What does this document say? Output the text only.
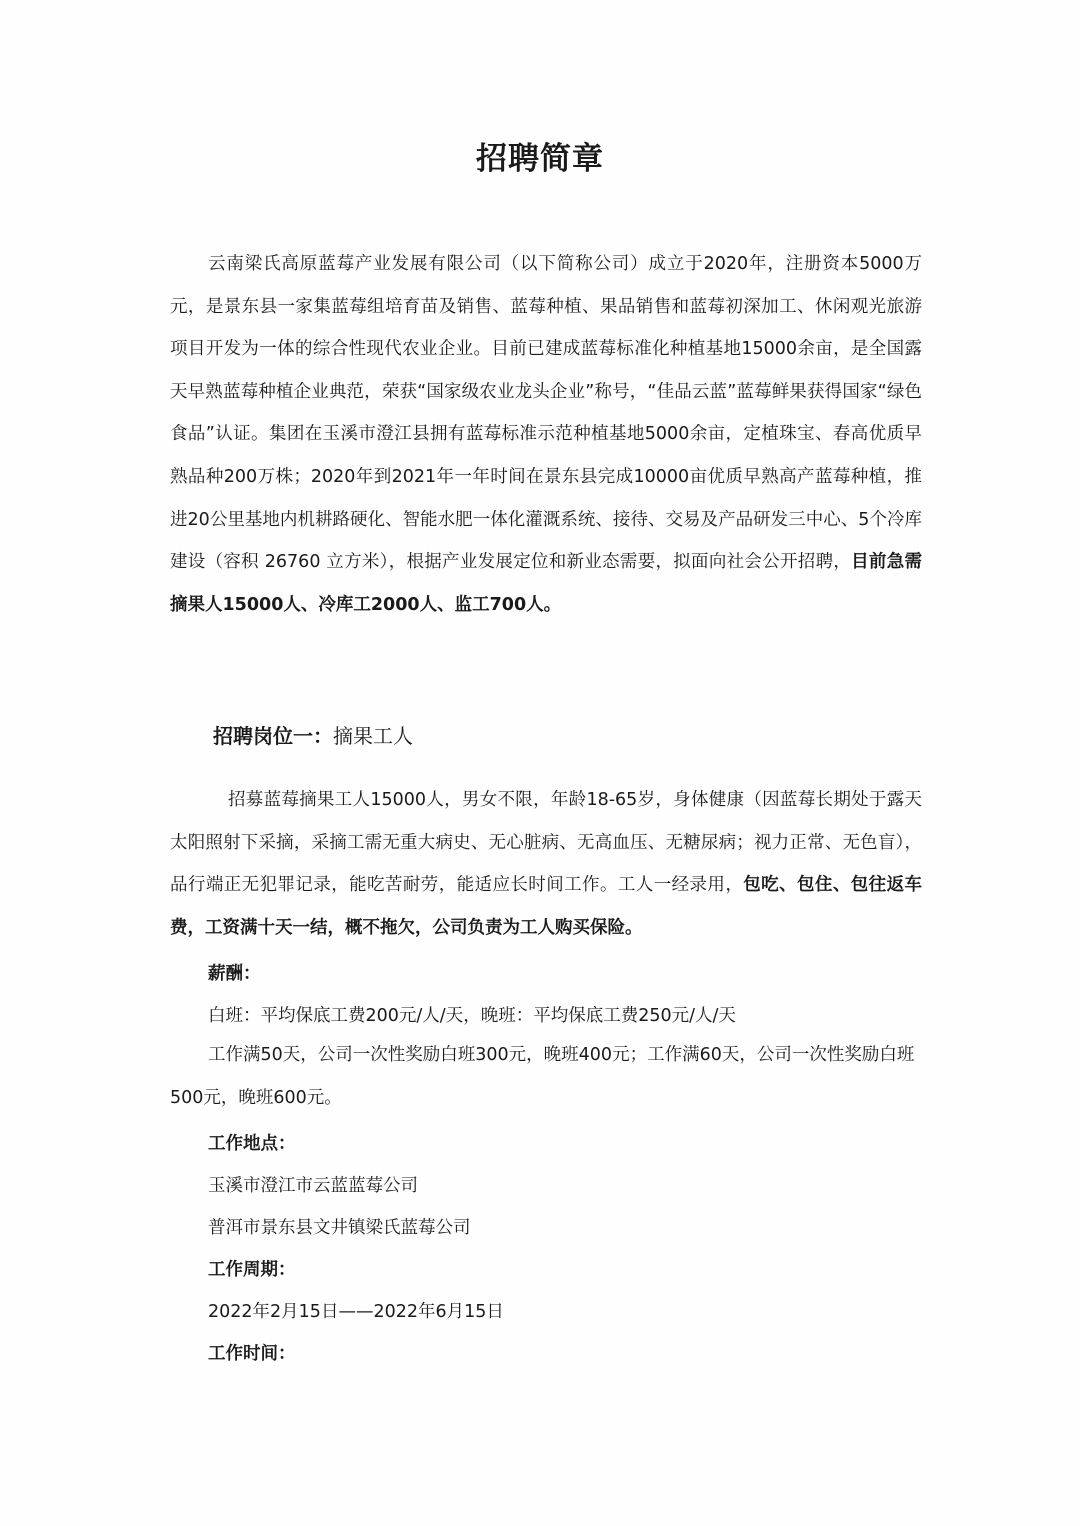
招聘简章

云南梁氏高原蓝莓产业发展有限公司（以下简称公司）成立于2020年，注册资本5000万元，是景东县一家集蓝莓组培育苗及销售、蓝莓种植、果品销售和蓝莓初深加工、休闲观光旅游项目开发为一体的综合性现代农业企业。目前已建成蓝莓标准化种植基地15000余亩，是全国露天早熟蓝莓种植企业典范，荣获“国家级农业龙头企业”称号，“佳品云蓝”蓝莓鲜果获得国家“绿色食品”认证。集团在玉溪市澄江县拥有蓝莓标准示范种植基地5000余亩，定植珠宝、春高优质早熟品种200万株；2020年到2021年一年时间在景东县完成10000亩优质早熟高产蓝莓种植，推进20公里基地内机耕路硬化、智能水肥一体化灌溉系统、接待、交易及产品研发三中心、5个冷库建设（容积 26760 立方米），根据产业发展定位和新业态需要，拟面向社会公开招聘，目前急需摘果人15000人、冷库工2000人、监工700人。

招聘岗位一：摘果工人

招募蓝莓摘果工人15000人，男女不限，年龄18-65岁，身体健康（因蓝莓长期处于露天太阳照射下采摘，采摘工需无重大病史、无心脏病、无高血压、无糖尿病；视力正常、无色盲），品行端正无犯罪记录，能吃苦耐劳，能适应长时间工作。工人一经录用，包吃、包住、包往返车费，工资满十天一结，概不拖欠，公司负责为工人购买保险。

薪酬：

白班：平均保底工费200元/人/天，晚班：平均保底工费250元/人/天

工作满50天，公司一次性奖励白班300元，晚班400元；工作满60天，公司一次性奖励白班500元，晚班600元。

工作地点：

玉溪市澄江市云蓝蓝莓公司

普洱市景东县文井镇梁氏蓝莓公司

工作周期：

2022年2月15日——2022年6月15日

工作时间：
